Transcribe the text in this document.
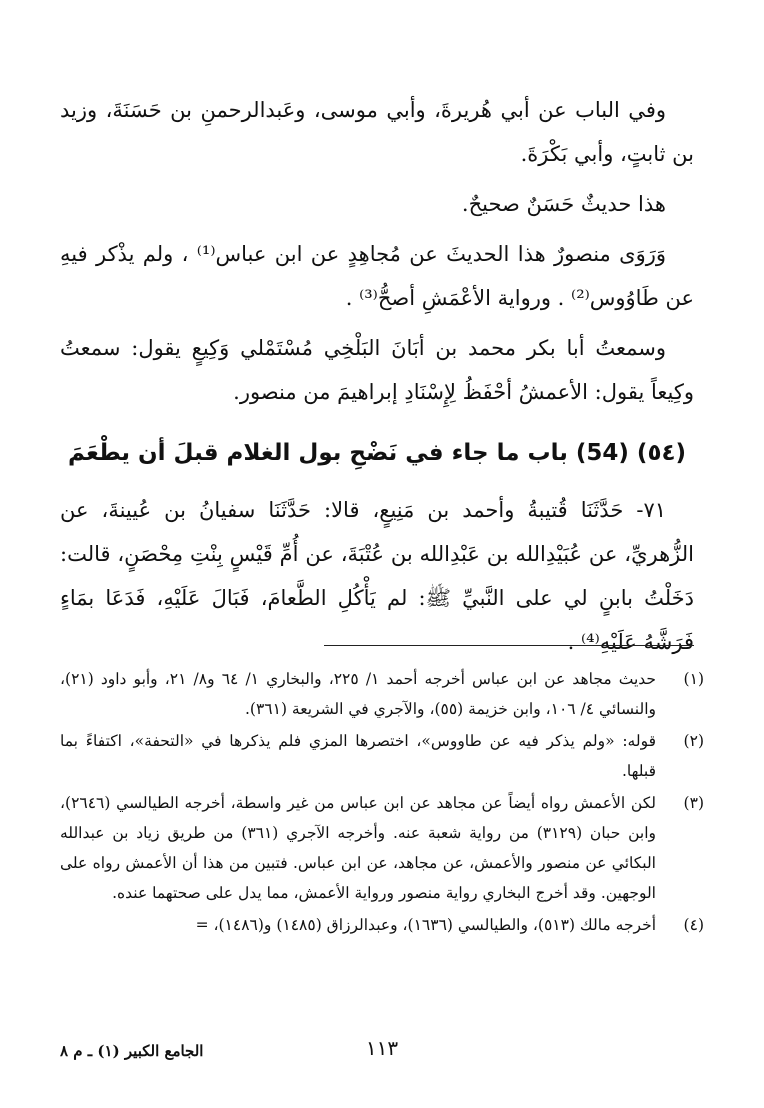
وفي الباب عن أبي هُريرةَ، وأبي موسى، وعَبدالرحمنِ بن حَسَنَةَ، وزيد بن ثابتٍ، وأبي بَكْرَةَ.

هذا حديثٌ حَسَنٌ صحيحٌ.

وَرَوَى منصورٌ هذا الحديثَ عن مُجاهِدٍ عن ابن عباس⁽¹⁾ ، ولم يذْكر فيهِ عن طَاوُوس⁽²⁾ . ورواية الأعْمَشِ أصحُّ⁽³⁾ .

وسمعتُ أبا بكر محمد بن أبَانَ البَلْخِي مُسْتَمْلي وَكِيعٍ يقول: سمعتُ وكِيعاً يقول: الأعمشُ أحْفَظُ لِإِسْنَادِ إبراهيمَ من منصور.

(٥٤) (54) باب ما جاء في نَضْحِ بول الغلام قبلَ أن يطْعَمَ

٧١- حَدَّثَنَا قُتيبةُ وأحمد بن مَنِيعٍ، قالا: حَدَّثَنَا سفيانُ بن عُيينةَ، عن الزُّهريِّ، عن عُبَيْدِالله بن عَبْدِالله بن عُتْبَةَ، عن أُمِّ قَيْسٍ بِنْتِ مِحْصَنٍ، قالت: دَخَلْتُ بابنٍ لي على النَّبيِّ ﷺ: لم يَأْكُلِ الطَّعامَ، فَبَالَ عَلَيْهِ، فَدَعَا بمَاءٍ فَرَشَّهُ عَلَيْهِ⁽⁴⁾ .

(١)
حديث مجاهد عن ابن عباس أخرجه أحمد ١/ ٢٢٥، والبخاري ١/ ٦٤ و٨/ ٢١، وأبو داود (٢١)، والنسائي ٤/ ١٠٦، وابن خزيمة (٥٥)، والآجري في الشريعة (٣٦١).
(٢)
قوله: «ولم يذكر فيه عن طاووس»، اختصرها المزي فلم يذكرها في «التحفة»، اكتفاءً بما قبلها.
(٣)
لكن الأعمش رواه أيضاً عن مجاهد عن ابن عباس من غير واسطة، أخرجه الطيالسي (٢٦٤٦)، وابن حبان (٣١٢٩) من رواية شعبة عنه. وأخرجه الآجري (٣٦١) من طريق زياد بن عبدالله البكائي عن منصور والأعمش، عن مجاهد، عن ابن عباس. فتبين من هذا أن الأعمش رواه على الوجهين. وقد أخرج البخاري رواية منصور ورواية الأعمش، مما يدل على صحتهما عنده.
(٤)
أخرجه مالك (٥١٣)، والطيالسي (١٦٣٦)، وعبدالرزاق (١٤٨٥) و(١٤٨٦)، =
١١٣
الجامع الكبير (١) ـ م ٨
